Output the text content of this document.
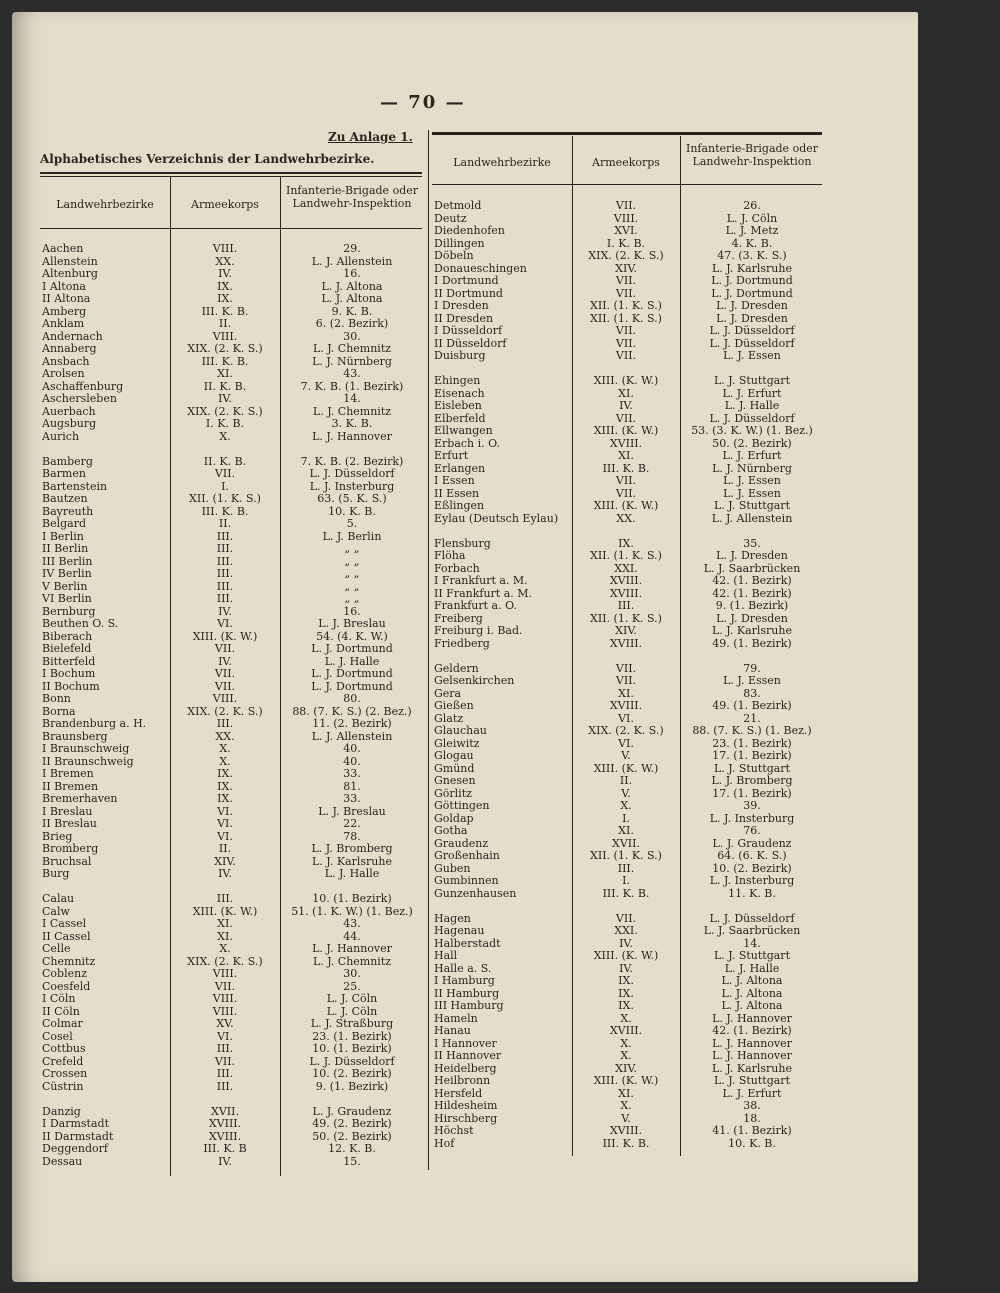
— 70 —
Zu Anlage 1.
Alphabetisches Verzeichnis der Landwehrbezirke.
Landwehrbezirke	Armeekorps
Infanterie-Brigade oder Landwehr-Inspektion
Landwehrbezirke	Armeekorps
Infanterie-Brigade oder Landwehr-Inspektion
Aachen
Allenstein
Altenburg
I Altona
II Altona
Amberg
Anklam
Andernach
Annaberg
Ansbach
Arolsen
Aschaffenburg
Aschersleben
Auerbach
Augsburg
Aurich
Bamberg
Barmen
Bartenstein
Bautzen
Bayreuth
Belgard
I Berlin
II Berlin
III Berlin
IV Berlin
V Berlin
VI Berlin
Bernburg
Beuthen O. S.
Biberach
Bielefeld
Bitterfeld
I Bochum
II Bochum
Bonn
Borna
Brandenburg a. H.
Braunsberg
I Braunschweig
II Braunschweig
I Bremen
II Bremen
Bremerhaven
I Breslau
II Breslau
Brieg
Bromberg
Bruchsal
Burg
Calau
Calw
I Cassel
II Cassel
Celle
Chemnitz
Coblenz
Coesfeld
I Cöln
II Cöln
Colmar
Cosel
Cottbus
Crefeld
Crossen
Cüstrin
Danzig
I Darmstadt
II Darmstadt
Deggendorf
Dessau
VIII.
XX.
IV.
IX.
IX.
III. K. B.
II.
VIII.
XIX. (2. K. S.)
III. K. B.
XI.
II. K. B.
IV.
XIX. (2. K. S.)
I. K. B.
X.
II. K. B.
VII.
I.
XII. (1. K. S.)
III. K. B.
II.
III.
III.
III.
III.
III.
III.
IV.
VI.
XIII. (K. W.)
VII.
IV.
VII.
VII.
VIII.
XIX. (2. K. S.)
III.
XX.
X.
X.
IX.
IX.
IX.
VI.
VI.
VI.
II.
XIV.
IV.
III.
XIII. (K. W.)
XI.
XI.
X.
XIX. (2. K. S.)
VIII.
VII.
VIII.
VIII.
XV.
VI.
III.
VII.
III.
III.
XVII.
XVIII.
XVIII.
III. K. B
IV.
29.
L. J. Allenstein
16.
L. J. Altona
L. J. Altona
9. K. B.
6. (2. Bezirk)
30.
L. J. Chemnitz
L. J. Nürnberg
43.
7. K. B. (1. Bezirk)
14.
L. J. Chemnitz
3. K. B.
L. J. Hannover
7. K. B. (2. Bezirk)
L. J. Düsseldorf
L. J. Insterburg
63. (5. K. S.)
10. K. B.
5.
L. J. Berlin
„ „
„ „
„ „
„ „
„ „
16.
L. J. Breslau
54. (4. K. W.)
L. J. Dortmund
L. J. Halle
L. J. Dortmund
L. J. Dortmund
80.
88. (7. K. S.) (2. Bez.)
11. (2. Bezirk)
L. J. Allenstein
40.
40.
33.
81.
33.
L. J. Breslau
22.
78.
L. J. Bromberg
L. J. Karlsruhe
L. J. Halle
10. (1. Bezirk)
51. (1. K. W.) (1. Bez.)
43.
44.
L. J. Hannover
L. J. Chemnitz
30.
25.
L. J. Cöln
L. J. Cöln
L. J. Straßburg
23. (1. Bezirk)
10. (1. Bezirk)
L. J. Düsseldorf
10. (2. Bezirk)
9. (1. Bezirk)
L. J. Graudenz
49. (2. Bezirk)
50. (2. Bezirk)
12. K. B.
15.
Detmold
Deutz
Diedenhofen
Dillingen
Döbeln
Donaueschingen
I Dortmund
II Dortmund
I Dresden
II Dresden
I Düsseldorf
II Düsseldorf
Duisburg
Ehingen
Eisenach
Eisleben
Elberfeld
Ellwangen
Erbach i. O.
Erfurt
Erlangen
I Essen
II Essen
Eßlingen
Eylau (Deutsch Eylau)
Flensburg
Flöha
Forbach
I Frankfurt a. M.
II Frankfurt a. M.
Frankfurt a. O.
Freiberg
Freiburg i. Bad.
Friedberg
Geldern
Gelsenkirchen
Gera
Gießen
Glatz
Glauchau
Gleiwitz
Glogau
Gmünd
Gnesen
Görlitz
Göttingen
Goldap
Gotha
Graudenz
Großenhain
Guben
Gumbinnen
Gunzenhausen
Hagen
Hagenau
Halberstadt
Hall
Halle a. S.
I Hamburg
II Hamburg
III Hamburg
Hameln
Hanau
I Hannover
II Hannover
Heidelberg
Heilbronn
Hersfeld
Hildesheim
Hirschberg
Höchst
Hof
VII.
VIII.
XVI.
I. K. B.
XIX. (2. K. S.)
XIV.
VII.
VII.
XII. (1. K. S.)
XII. (1. K. S.)
VII.
VII.
VII.
XIII. (K. W.)
XI.
IV.
VII.
XIII. (K. W.)
XVIII.
XI.
III. K. B.
VII.
VII.
XIII. (K. W.)
XX.
IX.
XII. (1. K. S.)
XXI.
XVIII.
XVIII.
III.
XII. (1. K. S.)
XIV.
XVIII.
VII.
VII.
XI.
XVIII.
VI.
XIX. (2. K. S.)
VI.
V.
XIII. (K. W.)
II.
V.
X.
I.
XI.
XVII.
XII. (1. K. S.)
III.
I.
III. K. B.
VII.
XXI.
IV.
XIII. (K. W.)
IV.
IX.
IX.
IX.
X.
XVIII.
X.
X.
XIV.
XIII. (K. W.)
XI.
X.
V.
XVIII.
III. K. B.
26.
L. J. Cöln
L. J. Metz
4. K. B.
47. (3. K. S.)
L. J. Karlsruhe
L. J. Dortmund
L. J. Dortmund
L. J. Dresden
L. J. Dresden
L. J. Düsseldorf
L. J. Düsseldorf
L. J. Essen
L. J. Stuttgart
L. J. Erfurt
L. J. Halle
L. J. Düsseldorf
53. (3. K. W.) (1. Bez.)
50. (2. Bezirk)
L. J. Erfurt
L. J. Nürnberg
L. J. Essen
L. J. Essen
L. J. Stuttgart
L. J. Allenstein
35.
L. J. Dresden
L. J. Saarbrücken
42. (1. Bezirk)
42. (1. Bezirk)
9. (1. Bezirk)
L. J. Dresden
L. J. Karlsruhe
49. (1. Bezirk)
79.
L. J. Essen
83.
49. (1. Bezirk)
21.
88. (7. K. S.) (1. Bez.)
23. (1. Bezirk)
17. (1. Bezirk)
L. J. Stuttgart
L. J. Bromberg
17. (1. Bezirk)
39.
L. J. Insterburg
76.
L. J. Graudenz
64. (6. K. S.)
10. (2. Bezirk)
L. J. Insterburg
11. K. B.
L. J. Düsseldorf
L. J. Saarbrücken
14.
L. J. Stuttgart
L. J. Halle
L. J. Altona
L. J. Altona
L. J. Altona
L. J. Hannover
42. (1. Bezirk)
L. J. Hannover
L. J. Hannover
L. J. Karlsruhe
L. J. Stuttgart
L. J. Erfurt
38.
18.
41. (1. Bezirk)
10. K. B.
